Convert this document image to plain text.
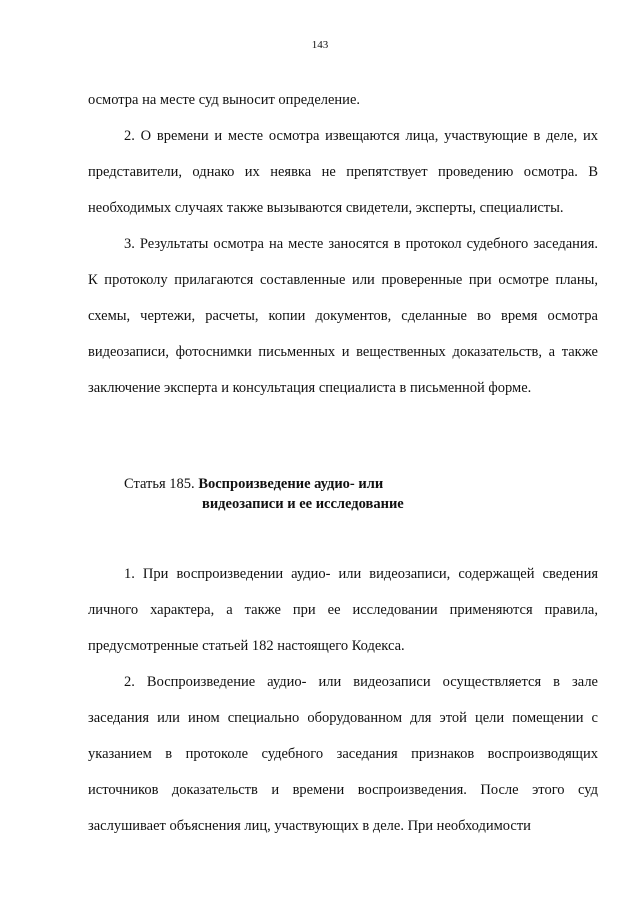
143

осмотра на месте суд выносит определение.

2. О времени и месте осмотра извещаются лица, участвующие в деле, их представители, однако их неявка не препятствует проведению осмотра. В необходимых случаях также вызываются свидетели, эксперты, специалисты.

3. Результаты осмотра на месте заносятся в протокол судебного заседания. К протоколу прилагаются составленные или проверенные при осмотре планы, схемы, чертежи, расчеты, копии документов, сделанные во время осмотра видеозаписи, фотоснимки письменных и вещественных доказательств, а также заключение эксперта и консультация специалиста в письменной форме.

Статья 185. Воспроизведение аудио- или
видеозаписи и ее исследование

1. При воспроизведении аудио- или видеозаписи, содержащей сведения личного характера, а также при ее исследовании применяются правила, предусмотренные статьей 182 настоящего Кодекса.

2. Воспроизведение аудио- или видеозаписи осуществляется в зале заседания или ином специально оборудованном для этой цели помещении с указанием в протоколе судебного заседания признаков воспроизводящих источников доказательств и времени воспроизведения. После этого суд заслушивает объяснения лиц, участвующих в деле. При необходимости
